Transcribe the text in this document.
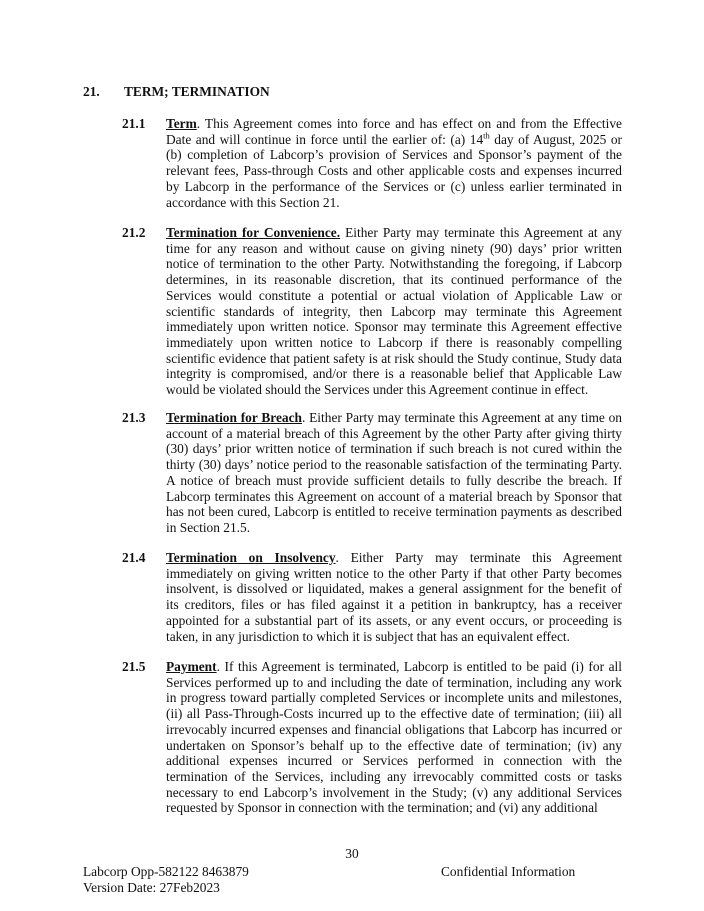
21. TERM; TERMINATION
21.1 Term. This Agreement comes into force and has effect on and from the Effective Date and will continue in force until the earlier of: (a) 14th day of August, 2025 or (b) completion of Labcorp’s provision of Services and Sponsor’s payment of the relevant fees, Pass-through Costs and other applicable costs and expenses incurred by Labcorp in the performance of the Services or (c) unless earlier terminated in accordance with this Section 21.
21.2 Termination for Convenience. Either Party may terminate this Agreement at any time for any reason and without cause on giving ninety (90) days’ prior written notice of termination to the other Party. Notwithstanding the foregoing, if Labcorp determines, in its reasonable discretion, that its continued performance of the Services would constitute a potential or actual violation of Applicable Law or scientific standards of integrity, then Labcorp may terminate this Agreement immediately upon written notice. Sponsor may terminate this Agreement effective immediately upon written notice to Labcorp if there is reasonably compelling scientific evidence that patient safety is at risk should the Study continue, Study data integrity is compromised, and/or there is a reasonable belief that Applicable Law would be violated should the Services under this Agreement continue in effect.
21.3 Termination for Breach. Either Party may terminate this Agreement at any time on account of a material breach of this Agreement by the other Party after giving thirty (30) days’ prior written notice of termination if such breach is not cured within the thirty (30) days’ notice period to the reasonable satisfaction of the terminating Party. A notice of breach must provide sufficient details to fully describe the breach. If Labcorp terminates this Agreement on account of a material breach by Sponsor that has not been cured, Labcorp is entitled to receive termination payments as described in Section 21.5.
21.4 Termination on Insolvency. Either Party may terminate this Agreement immediately on giving written notice to the other Party if that other Party becomes insolvent, is dissolved or liquidated, makes a general assignment for the benefit of its creditors, files or has filed against it a petition in bankruptcy, has a receiver appointed for a substantial part of its assets, or any event occurs, or proceeding is taken, in any jurisdiction to which it is subject that has an equivalent effect.
21.5 Payment. If this Agreement is terminated, Labcorp is entitled to be paid (i) for all Services performed up to and including the date of termination, including any work in progress toward partially completed Services or incomplete units and milestones, (ii) all Pass-Through-Costs incurred up to the effective date of termination; (iii) all irrevocably incurred expenses and financial obligations that Labcorp has incurred or undertaken on Sponsor’s behalf up to the effective date of termination; (iv) any additional expenses incurred or Services performed in connection with the termination of the Services, including any irrevocably committed costs or tasks necessary to end Labcorp’s involvement in the Study; (v) any additional Services requested by Sponsor in connection with the termination; and (vi) any additional
30
Labcorp Opp-582122 8463879
Version Date: 27Feb2023
Confidential Information
